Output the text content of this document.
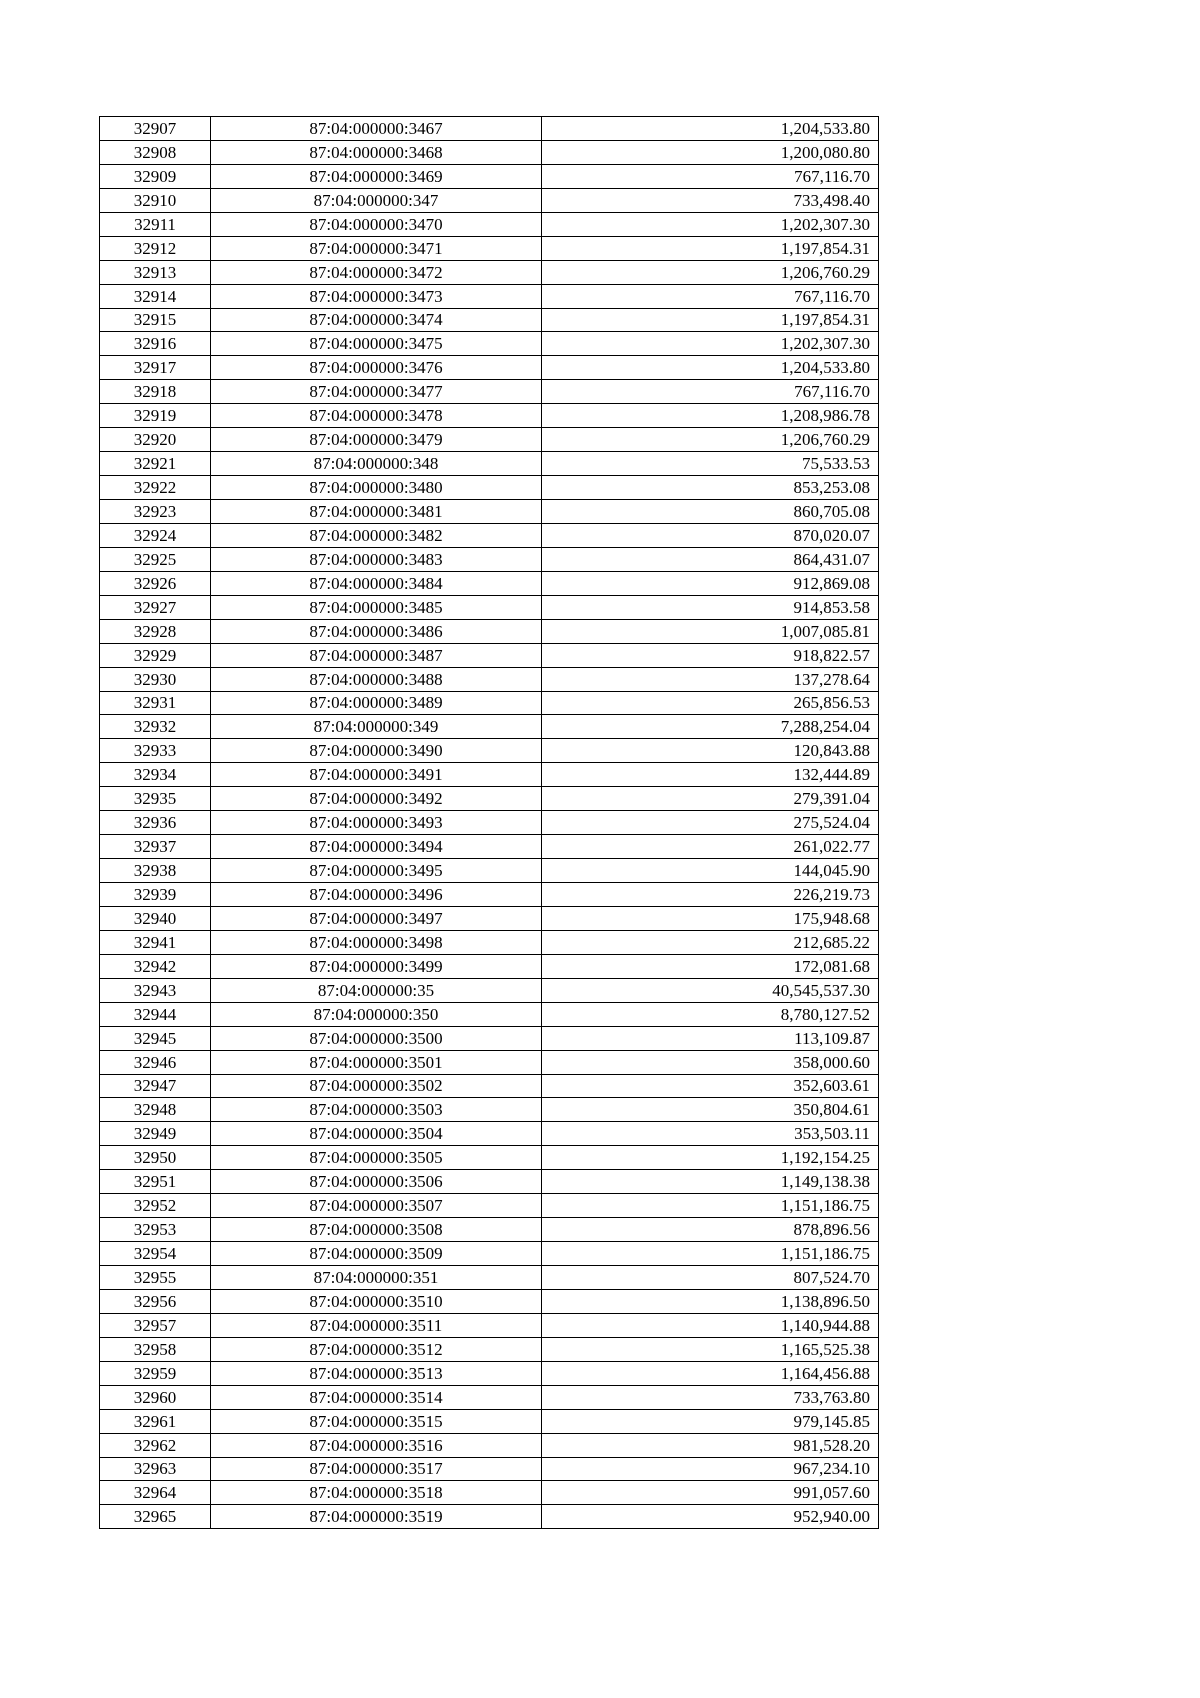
32907	87:04:000000:3467	1,204,533.80
32908	87:04:000000:3468	1,200,080.80
32909	87:04:000000:3469	767,116.70
32910	87:04:000000:347	733,498.40
32911	87:04:000000:3470	1,202,307.30
32912	87:04:000000:3471	1,197,854.31
32913	87:04:000000:3472	1,206,760.29
32914	87:04:000000:3473	767,116.70
32915	87:04:000000:3474	1,197,854.31
32916	87:04:000000:3475	1,202,307.30
32917	87:04:000000:3476	1,204,533.80
32918	87:04:000000:3477	767,116.70
32919	87:04:000000:3478	1,208,986.78
32920	87:04:000000:3479	1,206,760.29
32921	87:04:000000:348	75,533.53
32922	87:04:000000:3480	853,253.08
32923	87:04:000000:3481	860,705.08
32924	87:04:000000:3482	870,020.07
32925	87:04:000000:3483	864,431.07
32926	87:04:000000:3484	912,869.08
32927	87:04:000000:3485	914,853.58
32928	87:04:000000:3486	1,007,085.81
32929	87:04:000000:3487	918,822.57
32930	87:04:000000:3488	137,278.64
32931	87:04:000000:3489	265,856.53
32932	87:04:000000:349	7,288,254.04
32933	87:04:000000:3490	120,843.88
32934	87:04:000000:3491	132,444.89
32935	87:04:000000:3492	279,391.04
32936	87:04:000000:3493	275,524.04
32937	87:04:000000:3494	261,022.77
32938	87:04:000000:3495	144,045.90
32939	87:04:000000:3496	226,219.73
32940	87:04:000000:3497	175,948.68
32941	87:04:000000:3498	212,685.22
32942	87:04:000000:3499	172,081.68
32943	87:04:000000:35	40,545,537.30
32944	87:04:000000:350	8,780,127.52
32945	87:04:000000:3500	113,109.87
32946	87:04:000000:3501	358,000.60
32947	87:04:000000:3502	352,603.61
32948	87:04:000000:3503	350,804.61
32949	87:04:000000:3504	353,503.11
32950	87:04:000000:3505	1,192,154.25
32951	87:04:000000:3506	1,149,138.38
32952	87:04:000000:3507	1,151,186.75
32953	87:04:000000:3508	878,896.56
32954	87:04:000000:3509	1,151,186.75
32955	87:04:000000:351	807,524.70
32956	87:04:000000:3510	1,138,896.50
32957	87:04:000000:3511	1,140,944.88
32958	87:04:000000:3512	1,165,525.38
32959	87:04:000000:3513	1,164,456.88
32960	87:04:000000:3514	733,763.80
32961	87:04:000000:3515	979,145.85
32962	87:04:000000:3516	981,528.20
32963	87:04:000000:3517	967,234.10
32964	87:04:000000:3518	991,057.60
32965	87:04:000000:3519	952,940.00
